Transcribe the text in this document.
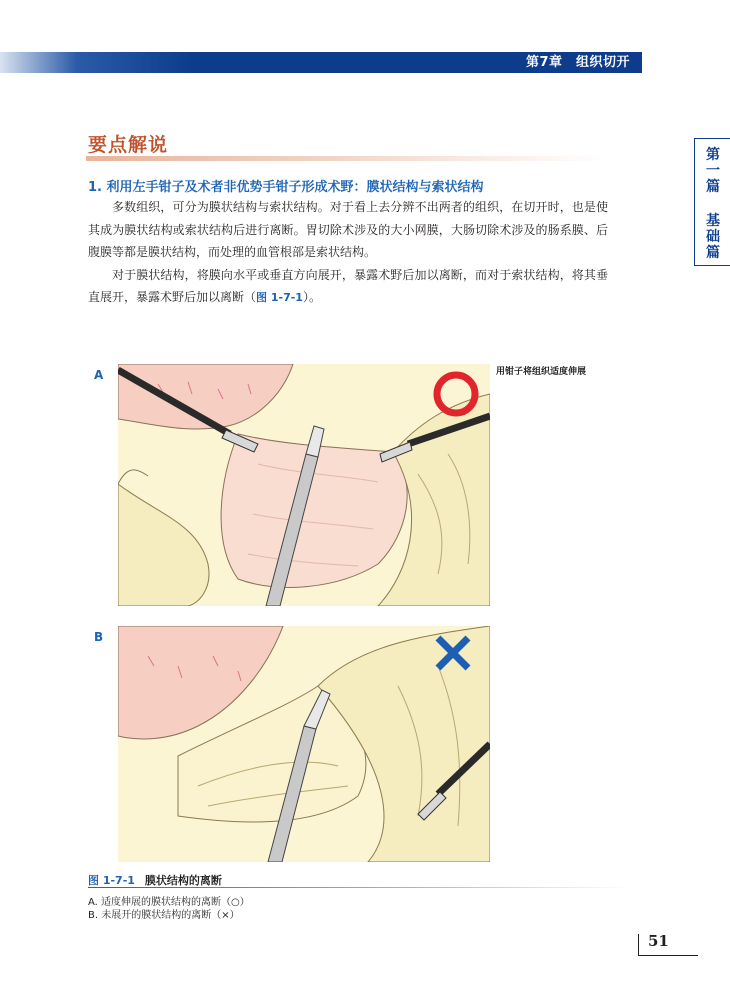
第7章　组织切开
第
一
篇
基
础
篇
要点解说
1. 利用左手钳子及术者非优势手钳子形成术野：膜状结构与索状结构

多数组织，可分为膜状结构与索状结构。对于看上去分辨不出两者的组织，在切开时，也是使其成为膜状结构或索状结构后进行离断。胃切除术涉及的大小网膜，大肠切除术涉及的肠系膜、后腹膜等都是膜状结构，而处理的血管根部是索状结构。

对于膜状结构，将膜向水平或垂直方向展开，暴露术野后加以离断，而对于索状结构，将其垂直展开，暴露术野后加以离断（图 1-7-1）。

A	用钳子将组织适度伸展
B
图 1-7-1 膜状结构的离断
A. 适度伸展的膜状结构的离断（○）
B. 未展开的膜状结构的离断（×）
51
